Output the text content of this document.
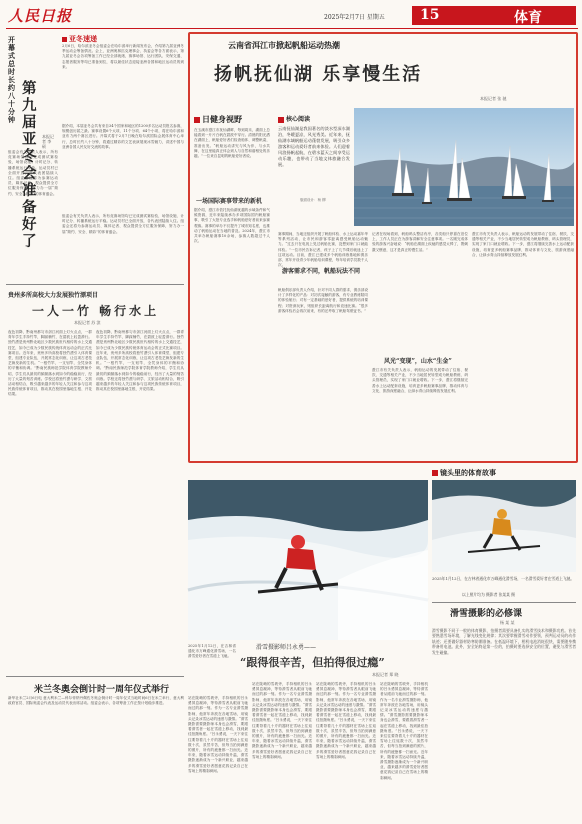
人民日报	2025年2月7日 星期五	15	体育
亚冬速递
开幕式总时长约八十分钟
第九届亚冬会准备好了
本报记者 李 硕
2月6日，哈尔滨亚冬会组委会在哈尔滨举行新闻发布会，介绍第九届亚洲冬季运动会筹备情况。会上，亚洲奥林匹克理事会、执委会等各方面表示，第九届亚冬会各项筹备工作已经全部就绪，赛事场馆、运行团队、安保交通、志愿者服务等均已准备到位，将以最佳状态迎接亚洲各国和地区运动员的到来。
据介绍，本届亚冬会共有来自34个国家和地区的1200多名运动员报名参赛，规模创历届之最。赛事设置6个大项、11个分项、64个小项，将在哈尔滨和亚布力两个赛区进行。开幕式将于2月7日晚在哈尔滨国际会展体育中心举行，总时长约八十分钟，将通过精彩的文艺表演展现冰雪魅力，讲述中国与亚洲各国人民友好交流的故事。
组委会有关负责人表示，所有竞赛场馆均已完成测试赛检验，场馆设施、计时记分、转播系统运行平稳。运动员村已全面开放，各代表团陆续入住。组委会还将为参赛运动员、媒体记者、观众提供全方位服务保障，努力办一届“简约、安全、精彩”的体育盛会。
组委会有关负责人表示，所有竞赛场馆均已完成测试赛检验，场馆设施、计时记分、转播系统运行平稳。运动员村已全面开放，各代表团陆续入住。组委会还将为参赛运动员、媒体记者、观众提供全方位服务保障，努力办一届“简约、安全、精彩”的体育盛会。
贵州多所高校大力发展独竹漂项目
一人一竹 畅行水上
本报记者 苏 滨
夜色初降，黔南州都匀市剑江河面上灯火点点，一群青年学生手持竹竿，脚踩楠竹，在碧波上轻盈滑行。独竹漂是贵州黔北地区少数民族世代相传的水上交通技艺，如今已成为少数民族传统体育运动会的正式比赛项目。近年来，贵州多所高校将独竹漂引入体育课堂，组建专业队伍，开展常态化训练，让这项古老技艺焕发新的生机。“一根竹竿，一支划竿，全凭身体的平衡和协调。”黔南民族师范学院体育学院教师介绍，学生们从最初的频频落水到如今的稳稳前行，经历了大量的刻苦训练。学校还将独竹漂与研学、文旅活动相结合，吸引越来越多的年轻人关注和参与这项民族传统体育项目，推动其在校园里落地生根、开花结果。
夜色初降，黔南州都匀市剑江河面上灯火点点，一群青年学生手持竹竿，脚踩楠竹，在碧波上轻盈滑行。独竹漂是贵州黔北地区少数民族世代相传的水上交通技艺，如今已成为少数民族传统体育运动会的正式比赛项目。近年来，贵州多所高校将独竹漂引入体育课堂，组建专业队伍，开展常态化训练，让这项古老技艺焕发新的生机。“一根竹竿，一支划竿，全凭身体的平衡和协调。”黔南民族师范学院体育学院教师介绍，学生们从最初的频频落水到如今的稳稳前行，经历了大量的刻苦训练。学校还将独竹漂与研学、文旅活动相结合，吸引越来越多的年轻人关注和参与这项民族传统体育项目，推动其在校园里落地生根、开花结果。
米兰冬奥会倒计时一周年仪式举行
新华社米兰2月6日电 意大利米兰—科尔蒂纳丹佩佐冬奥会倒计时一周年仪式当地时间6日在米兰举行，意大利政府官员、国际奥委会代表及运动员代表出席活动。组委会表示，各项筹备工作正按计划稳步推进。
云南省洱江市掀起帆船运动热潮
扬帆抚仙湖 乐享慢生活
本报记者 张 驰
日健身视野
在玉溪市澄江市抚仙湖畔，每到周末，湖面上总能看到一片片白帆在碧波中穿行。清晨的阳光洒在湖面上，帆船爱好者们检查船体、调整帆索，准备出发。“帆船运动讲究与风为伴，与水共舞，在这里能真正体会到人与自然和谐相处的乐趣。”一位来自昆明的帆船爱好者说。
一场国际赛事带来的新机
据介绍，澄江市依托抚仙湖优越的水域条件和气候资源，近年来陆续承办多项国际国内帆船赛事，吸引了大批专业选手和帆船爱好者前来参赛观赛。赛事的举办不仅提升了城市知名度，也推动了帆船运动在当地的普及。2024年，澄江市共举办帆船赛事10余场，参赛人数超过千人次。
核心阅读
云南抚仙湖是我国著名的淡水型深水湖泊，冬暖夏凉，风光秀美。近年来，抚仙湖水域帆船运动蓬勃发展，吸引众多游客和运动爱好者前来体验。人们迎着风浪扬帆起航，在碧水蓝天之间享受运动乐趣，也带动了当地文体旅融合发展。
版面设计：杨 柳
赛事期间，当地还组织开展了帆船体验、水上运动嘉年华等系列活动，让市民和游客零距离感受帆船运动魅力。“过去只在电视上见过帆船比赛，没想到家门口就能体验。”一位市民告诉记者，孩子上了几节课后就迷上了这项运动。目前，澄江已建成多个帆船训练基地和俱乐部，常年开设青少年帆船培训课程，每年培训学员数千人次。
游客需求不同，帆船玩法不同
帆船俱乐部负责人介绍，针对不同人群的需求，俱乐部设计了多样化的产品：对初次接触的游客，有专业教练陪同的体验航行；对有一定基础的爱好者，提供系统的培训课程；对资深玩家，则组织长距离航行和竞速比赛。“很多游客体验后会再次前来，有的还考取了帆船驾驶证书。”
记者在现场看到，帆船码头整洁有序，各类船只停靠在泊位上，工作人员正在为游客讲解安全注意事项。一名刚完成体验的游客兴奋地说：“帆船在湖面上疾驰的感觉太棒了，既刺激又惬意，这才是真正的慢生活。”
风光“变现”，山水“生金”
澄江市有关负责人表示，帆船运动的发展带动了住宿、餐饮、交通等相关产业，不少当地居民转型成为帆船教练、码头管理员，实现了家门口就业增收。下一步，澄江将继续完善水上运动配套设施，培育更多帆船赛事品牌，推动体育与文化、旅游深度融合，让绿水青山持续释放发展红利。
澄江市有关负责人表示，帆船运动的发展带动了住宿、餐饮、交通等相关产业，不少当地居民转型成为帆船教练、码头管理员，实现了家门口就业增收。下一步，澄江将继续完善水上运动配套设施，培育更多帆船赛事品牌，推动体育与文化、旅游深度融合，让绿水青山持续释放发展红利。
镜头里的体育故事
2025年1月12日，在吉林省通化市万峰通化滑雪场，一名滑雪爱好者在雪道上飞驰。
以上照片均为 摄影者 张某某 摄
2025年1月12日，在吉林省通化市万峰通化滑雪场，一名滑雪爱好者在雪道上飞驰。
滑雪摄影师吕永勇——
“跟得很辛苦，但拍得很过瘾”
本报记者 郑 晓
站在陡峭的雪坡旁，手持相机的吕永勇屏息凝神，等待滑雪者从眼前飞驰而过的那一刻。作为一名专业滑雪摄影师，他常年奔波在各地雪场，用镜头记录冰雪运动的速度与激情。“滑雪摄影需要摄影师本身也会滑雪，要跟着滑雪者一起在雪道上移动，找到最佳拍摄角度。”吕永勇说，一天下来往往要背着几十斤的器材在雪场上往返数十次，虽然辛苦，但每当拍到满意的照片，所有的疲惫都一扫而光。近年来，随着冰雪运动持续升温，滑雪摄影逐渐成为一个新兴职业，越来越多的滑雪爱好者愿意花钱记录自己在雪场上的精彩瞬间。
站在陡峭的雪坡旁，手持相机的吕永勇屏息凝神，等待滑雪者从眼前飞驰而过的那一刻。作为一名专业滑雪摄影师，他常年奔波在各地雪场，用镜头记录冰雪运动的速度与激情。“滑雪摄影需要摄影师本身也会滑雪，要跟着滑雪者一起在雪道上移动，找到最佳拍摄角度。”吕永勇说，一天下来往往要背着几十斤的器材在雪场上往返数十次，虽然辛苦，但每当拍到满意的照片，所有的疲惫都一扫而光。近年来，随着冰雪运动持续升温，滑雪摄影逐渐成为一个新兴职业，越来越多的滑雪爱好者愿意花钱记录自己在雪场上的精彩瞬间。
站在陡峭的雪坡旁，手持相机的吕永勇屏息凝神，等待滑雪者从眼前飞驰而过的那一刻。作为一名专业滑雪摄影师，他常年奔波在各地雪场，用镜头记录冰雪运动的速度与激情。“滑雪摄影需要摄影师本身也会滑雪，要跟着滑雪者一起在雪道上移动，找到最佳拍摄角度。”吕永勇说，一天下来往往要背着几十斤的器材在雪场上往返数十次，虽然辛苦，但每当拍到满意的照片，所有的疲惫都一扫而光。近年来，随着冰雪运动持续升温，滑雪摄影逐渐成为一个新兴职业，越来越多的滑雪爱好者愿意花钱记录自己在雪场上的精彩瞬间。
站在陡峭的雪坡旁，手持相机的吕永勇屏息凝神，等待滑雪者从眼前飞驰而过的那一刻。作为一名专业滑雪摄影师，他常年奔波在各地雪场，用镜头记录冰雪运动的速度与激情。“滑雪摄影需要摄影师本身也会滑雪，要跟着滑雪者一起在雪道上移动，找到最佳拍摄角度。”吕永勇说，一天下来往往要背着几十斤的器材在雪场上往返数十次，虽然辛苦，但每当拍到满意的照片，所有的疲惫都一扫而光。近年来，随着冰雪运动持续升温，滑雪摄影逐渐成为一个新兴职业，越来越多的滑雪爱好者愿意花钱记录自己在雪场上的精彩瞬间。
滑雪摄影的必修课
杨 某 某
滑雪摄影不同于一般的体育摄影，拍摄者需要具备扎实的滑雪技术和摄影功底。首先要熟悉雪场环境，了解光线变化规律；其次要掌握滑雪动作要领，预判运动员的动作轨迹；还要做好器材防寒防潮准备。在低温环境下，相机电池消耗很快，需要随身携带备用电池。此外，安全始终是第一位的，拍摄时要选择安全的位置，避免与滑雪者发生碰撞。
